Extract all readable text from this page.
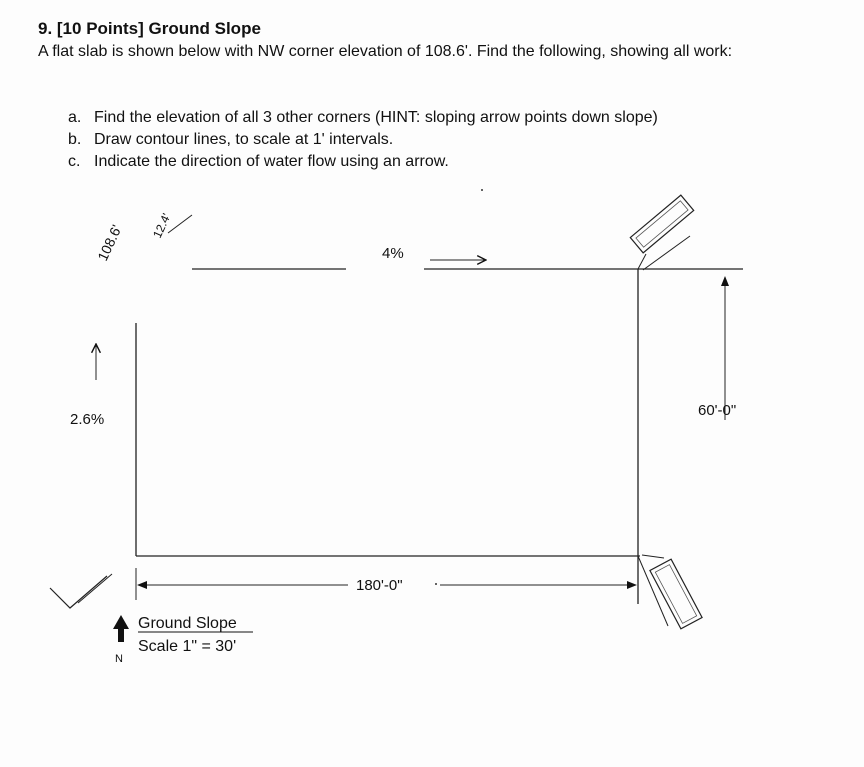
9. [10 Points] Ground Slope
A flat slab is shown below with NW corner elevation of 108.6'. Find the following, showing all work:
a. Find the elevation of all 3 other corners (HINT: sloping arrow points down slope)
b. Draw contour lines, to scale at 1' intervals.
c. Indicate the direction of water flow using an arrow.
108.6' 12.4'
4%
2.6%
60'-0"
180'-0"
N
Ground Slope
Scale 1" = 30'
